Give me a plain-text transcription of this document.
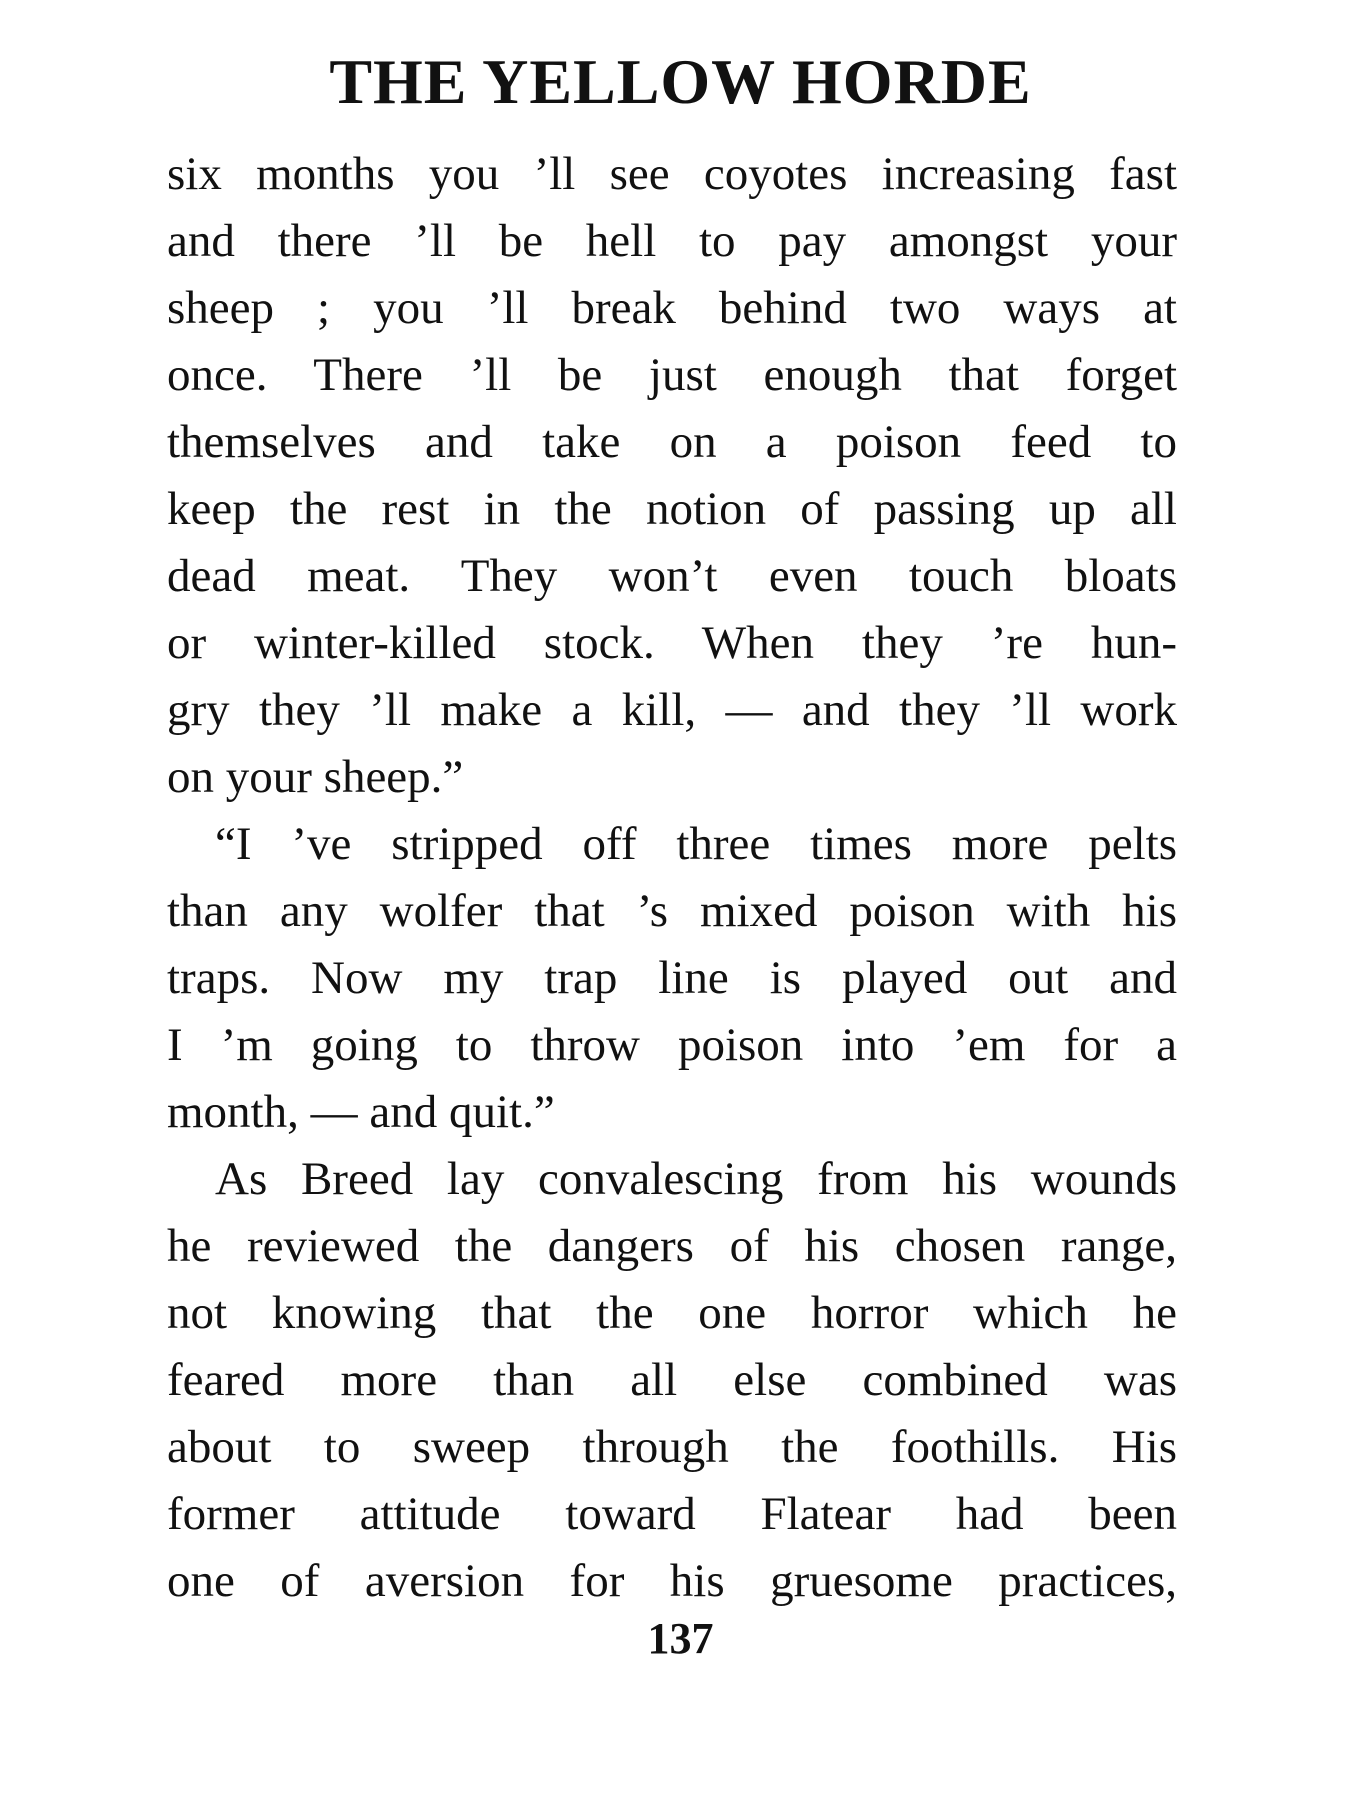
THE YELLOW HORDE
six months you ’ll see coyotes increasing fast
and there ’ll be hell to pay amongst your
sheep ; you ’ll break behind two ways at
once. There ’ll be just enough that forget
themselves and take on a poison feed to
keep the rest in the notion of passing up all
dead meat. They won’t even touch bloats
or winter-killed stock. When they ’re hun-
gry they ’ll make a kill, — and they ’ll work
on your sheep.”
“I ’ve stripped off three times more pelts
than any wolfer that ’s mixed poison with his
traps. Now my trap line is played out and
I ’m going to throw poison into ’em for a
month, — and quit.”
As Breed lay convalescing from his wounds
he reviewed the dangers of his chosen range,
not knowing that the one horror which he
feared more than all else combined was
about to sweep through the foothills. His
former attitude toward Flatear had been
one of aversion for his gruesome practices,
137
